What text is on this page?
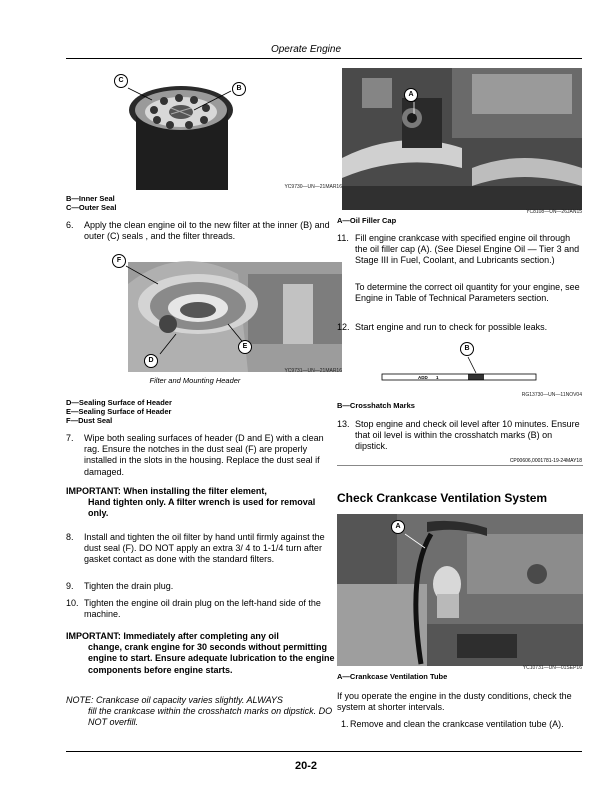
Operate Engine
C
B
YC9730—UN—21MAR16
B—Inner Seal
C—Outer Seal
6. Apply the clean engine oil to the new filter at the inner (B) and outer (C) seals , and the filter threads.
F
E
D
YC9731—UN—21MAR16
Filter and Mounting Header
D—Sealing Surface of Header
E—Sealing Surface of Header
F—Dust Seal
7. Wipe both sealing surfaces of header (D and E) with a clean rag. Ensure the notches in the dust seal (F) are properly installed in the slots in the housing. Replace the dust seal if damaged.
IMPORTANT: When installing the filter element,
Hand tighten only. A filter wrench is used for removal only.
8. Install and tighten the oil filter by hand until firmly against the dust seal (F). DO NOT apply an extra 3/ 4 to 1-1/4 turn after gasket contact as done with the standard filters.
9. Tighten the drain plug.
10. Tighten the engine oil drain plug on the left-hand side of the machine.
IMPORTANT: Immediately after completing any oil
change, crank engine for 30 seconds without permitting engine to start. Ensure adequate lubrication to the engine components before engine starts.
NOTE: Crankcase oil capacity varies slightly. ALWAYS
fill the crankcase within the crosshatch marks on dipstick. DO NOT overfill.
A
YC8108—UN—26JAN15
A—Oil Filler Cap
11. Fill engine crankcase with specified engine oil through the oil filler cap (A). (See Diesel Engine Oil — Tier 3 and Stage III in Fuel, Coolant, and Lubricants section.)
To determine the correct oil quantity for your engine, see Engine in Table of Technical Parameters section.
12. Start engine and run to check for possible leaks.
ADD 1
B
RG13730—UN—11NOV04
B—Crosshatch Marks
13. Stop engine and check oil level after 10 minutes. Ensure that oil level is within the crosshatch marks (B) on dipstick.
CP00606,0001781-19-24MAY18
Check Crankcase Ventilation System
A
YC10731—UN—01SEP16
A—Crankcase Ventilation Tube
If you operate the engine in the dusty conditions, check the system at shorter intervals.
1. Remove and clean the crankcase ventilation tube (A).
20-2
